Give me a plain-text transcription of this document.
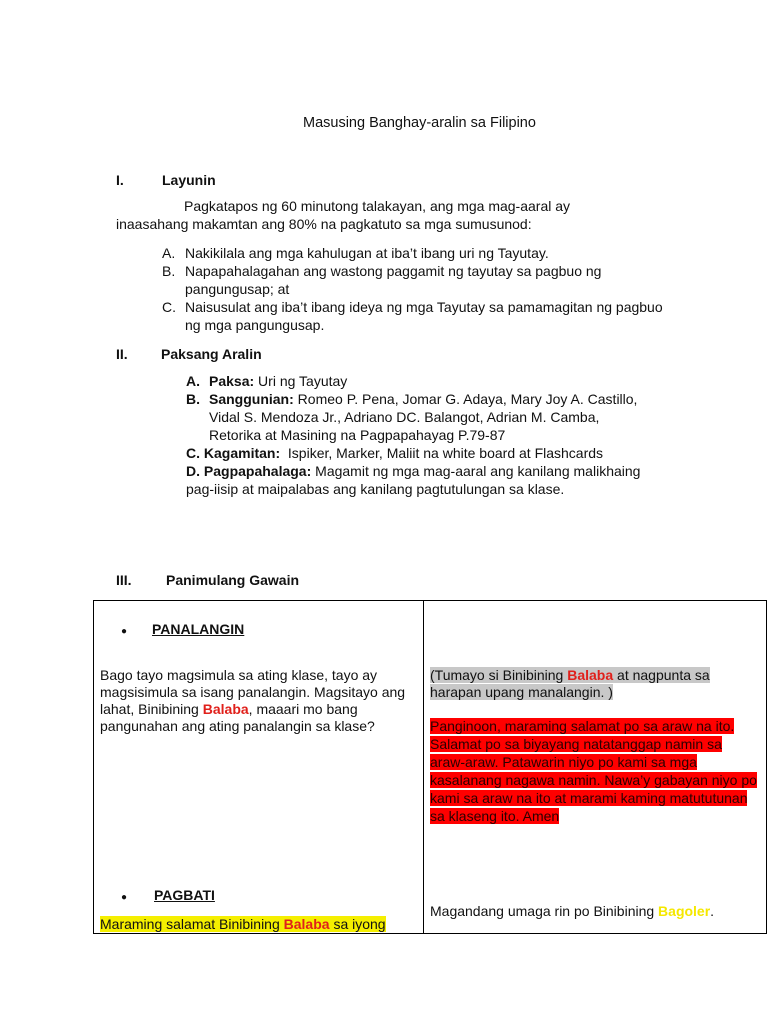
Masusing Banghay-aralin sa Filipino
I.	Layunin
Pagkatapos ng 60 minutong talakayan, ang mga mag-aaral ay inaasahang makamtan ang 80% na pagkatuto sa mga sumusunod:
A. Nakikilala ang mga kahulugan at iba’t ibang uri ng Tayutay.
B. Napapahalagahan ang wastong paggamit ng tayutay sa pagbuo ng pangungusap; at
C. Naisusulat ang iba’t ibang ideya ng mga Tayutay sa pamamagitan ng pagbuo ng mga pangungusap.
II. Paksang Aralin
A. Paksa: Uri ng Tayutay
B. Sanggunian: Romeo P. Pena, Jomar G. Adaya, Mary Joy A. Castillo, Vidal S. Mendoza Jr., Adriano DC. Balangot, Adrian M. Camba, Retorika at Masining na Pagpapahayag P.79-87
C. Kagamitan:  Ispiker, Marker, Maliit na white board at Flashcards
D. Pagpapahalaga: Magamit ng mga mag-aaral ang kanilang malikhaing pag-iisip at maipalabas ang kanilang pagtutulungan sa klase.
III. Panimulang Gawain
● PANALANGIN
Bago tayo magsimula sa ating klase, tayo ay magsisimula sa isang panalangin. Magsitayo ang lahat, Binibining Balaba, maaari mo bang pangunahan ang ating panalangin sa klase?
(Tumayo si Binibining Balaba at nagpunta sa harapan upang manalangin. )
Panginoon, maraming salamat po sa araw na ito. Salamat po sa biyayang natatanggap namin sa araw-araw. Patawarin niyo po kami sa mga kasalanang nagawa namin. Nawa’y gabayan niyo po kami sa araw na ito at marami kaming matututunan sa klaseng ito. Amen
● PAGBATI
Maraming salamat Binibining Balaba sa iyong
Magandang umaga rin po Binibining Bagoler.
